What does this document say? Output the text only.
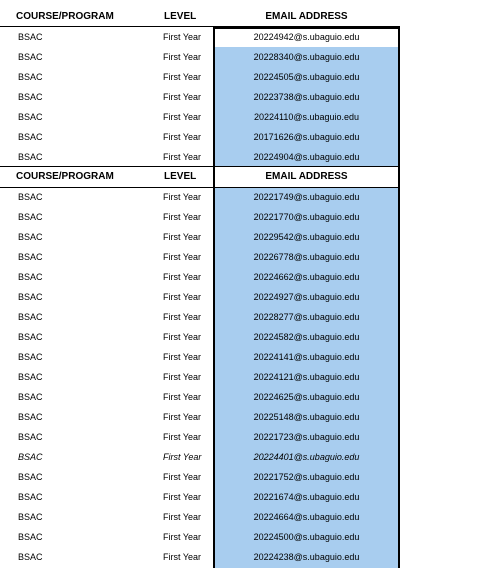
COURSE/PROGRAM	LEVEL	EMAIL ADDRESS
BSAC	First Year	20224942@s.ubaguio.edu
BSAC	First Year	20228340@s.ubaguio.edu
BSAC	First Year	20224505@s.ubaguio.edu
BSAC	First Year	20223738@s.ubaguio.edu
BSAC	First Year	20224110@s.ubaguio.edu
BSAC	First Year	20171626@s.ubaguio.edu
BSAC	First Year	20224904@s.ubaguio.edu
COURSE/PROGRAM	LEVEL	EMAIL ADDRESS
BSAC	First Year	20221749@s.ubaguio.edu
BSAC	First Year	20221770@s.ubaguio.edu
BSAC	First Year	20229542@s.ubaguio.edu
BSAC	First Year	20226778@s.ubaguio.edu
BSAC	First Year	20224662@s.ubaguio.edu
BSAC	First Year	20224927@s.ubaguio.edu
BSAC	First Year	20228277@s.ubaguio.edu
BSAC	First Year	20224582@s.ubaguio.edu
BSAC	First Year	20224141@s.ubaguio.edu
BSAC	First Year	20224121@s.ubaguio.edu
BSAC	First Year	20224625@s.ubaguio.edu
BSAC	First Year	20225148@s.ubaguio.edu
BSAC	First Year	20221723@s.ubaguio.edu
BSAC	First Year	20224401@s.ubaguio.edu
BSAC	First Year	20221752@s.ubaguio.edu
BSAC	First Year	20221674@s.ubaguio.edu
BSAC	First Year	20224664@s.ubaguio.edu
BSAC	First Year	20224500@s.ubaguio.edu
BSAC	First Year	20224238@s.ubaguio.edu
